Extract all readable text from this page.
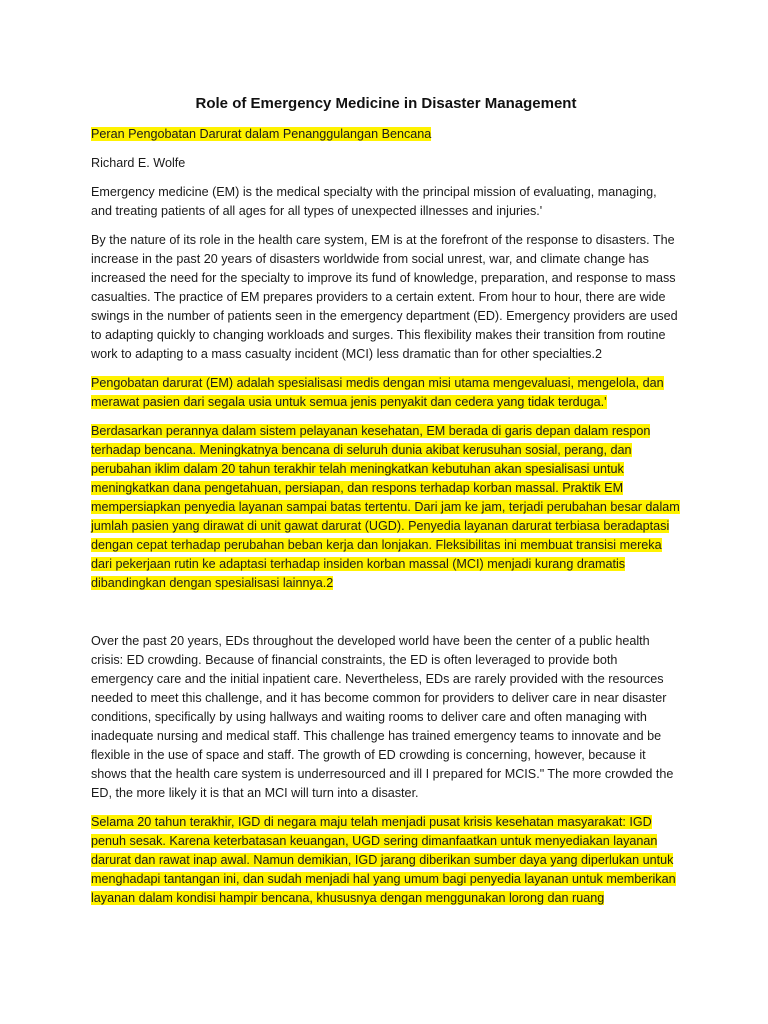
Role of Emergency Medicine in Disaster Management

Peran Pengobatan Darurat dalam Penanggulangan Bencana

Richard E. Wolfe

Emergency medicine (EM) is the medical specialty with the principal mission of evaluating, managing, and treating patients of all ages for all types of unexpected illnesses and injuries.'

By the nature of its role in the health care system, EM is at the forefront of the response to disasters. The increase in the past 20 years of disasters worldwide from social unrest, war, and climate change has increased the need for the specialty to improve its fund of knowledge, preparation, and response to mass casualties. The practice of EM prepares providers to a certain extent. From hour to hour, there are wide swings in the number of patients seen in the emergency department (ED). Emergency providers are used to adapting quickly to changing workloads and surges. This flexibility makes their transition from routine work to adapting to a mass casualty incident (MCI) less dramatic than for other specialties.2

Pengobatan darurat (EM) adalah spesialisasi medis dengan misi utama mengevaluasi, mengelola, dan merawat pasien dari segala usia untuk semua jenis penyakit dan cedera yang tidak terduga.'

Berdasarkan perannya dalam sistem pelayanan kesehatan, EM berada di garis depan dalam respon terhadap bencana. Meningkatnya bencana di seluruh dunia akibat kerusuhan sosial, perang, dan perubahan iklim dalam 20 tahun terakhir telah meningkatkan kebutuhan akan spesialisasi untuk meningkatkan dana pengetahuan, persiapan, dan respons terhadap korban massal. Praktik EM mempersiapkan penyedia layanan sampai batas tertentu. Dari jam ke jam, terjadi perubahan besar dalam jumlah pasien yang dirawat di unit gawat darurat (UGD). Penyedia layanan darurat terbiasa beradaptasi dengan cepat terhadap perubahan beban kerja dan lonjakan. Fleksibilitas ini membuat transisi mereka dari pekerjaan rutin ke adaptasi terhadap insiden korban massal (MCI) menjadi kurang dramatis dibandingkan dengan spesialisasi lainnya.2

Over the past 20 years, EDs throughout the developed world have been the center of a public health crisis: ED crowding. Because of financial constraints, the ED is often leveraged to provide both emergency care and the initial inpatient care. Nevertheless, EDs are rarely provided with the resources needed to meet this challenge, and it has become common for providers to deliver care in near disaster conditions, specifically by using hallways and waiting rooms to deliver care and often managing with inadequate nursing and medical staff. This challenge has trained emergency teams to innovate and be flexible in the use of space and staff. The growth of ED crowding is concerning, however, because it shows that the health care system is underresourced and ill I prepared for MCIS." The more crowded the ED, the more likely it is that an MCI will turn into a disaster.

Selama 20 tahun terakhir, IGD di negara maju telah menjadi pusat krisis kesehatan masyarakat: IGD penuh sesak. Karena keterbatasan keuangan, UGD sering dimanfaatkan untuk menyediakan layanan darurat dan rawat inap awal. Namun demikian, IGD jarang diberikan sumber daya yang diperlukan untuk menghadapi tantangan ini, dan sudah menjadi hal yang umum bagi penyedia layanan untuk memberikan layanan dalam kondisi hampir bencana, khususnya dengan menggunakan lorong dan ruang
